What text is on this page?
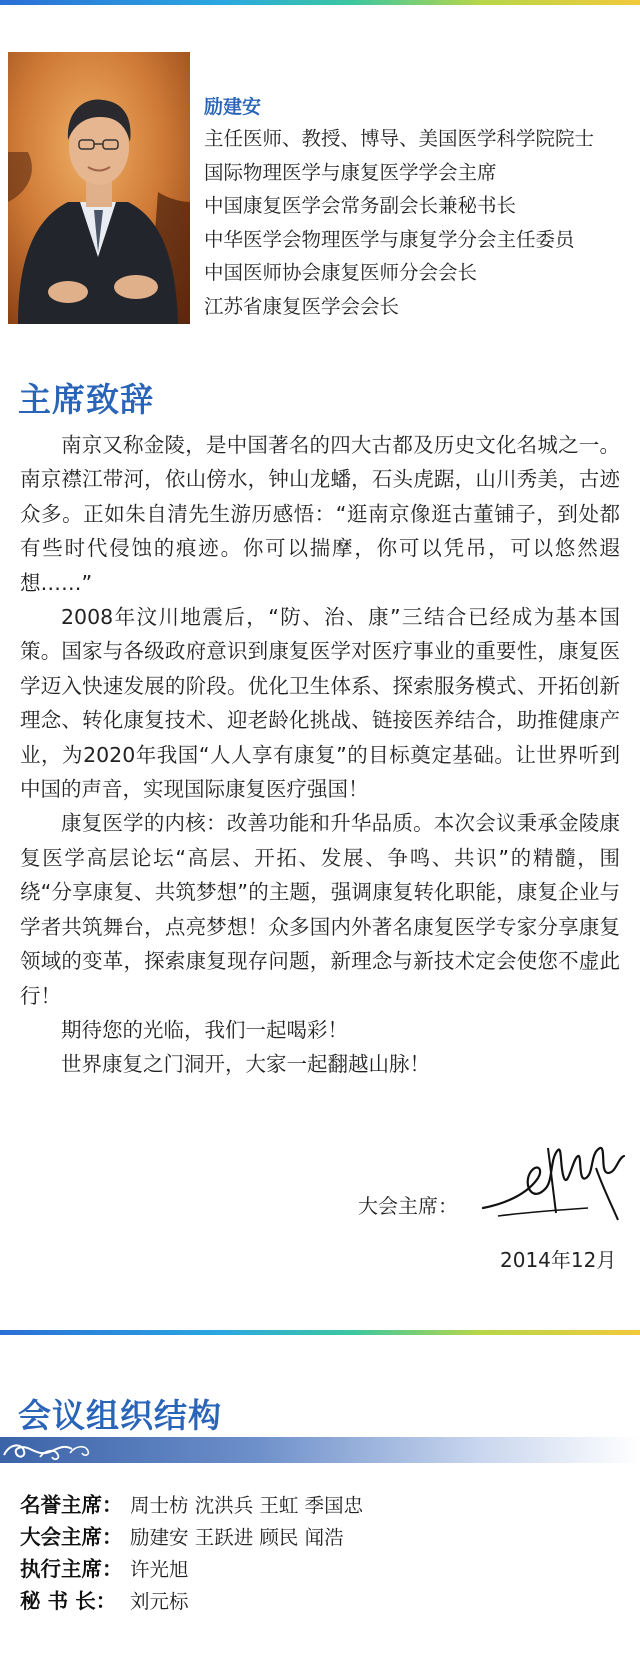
励建安
主任医师、教授、博导、美国医学科学院院士
国际物理医学与康复医学学会主席
中国康复医学会常务副会长兼秘书长
中华医学会物理医学与康复学分会主任委员
中国医师协会康复医师分会会长
江苏省康复医学会会长
主席致辞

南京又称金陵，是中国著名的四大古都及历史文化名城之一。南京襟江带河，依山傍水，钟山龙蟠，石头虎踞，山川秀美，古迹众多。正如朱自清先生游历感悟：“逛南京像逛古董铺子，到处都有些时代侵蚀的痕迹。你可以揣摩，你可以凭吊，可以悠然遐想……”

2008年汶川地震后，“防、治、康”三结合已经成为基本国策。国家与各级政府意识到康复医学对医疗事业的重要性，康复医学迈入快速发展的阶段。优化卫生体系、探索服务模式、开拓创新理念、转化康复技术、迎老龄化挑战、链接医养结合，助推健康产业，为2020年我国“人人享有康复”的目标奠定基础。让世界听到中国的声音，实现国际康复医疗强国！

康复医学的内核：改善功能和升华品质。本次会议秉承金陵康复医学高层论坛“高层、开拓、发展、争鸣、共识”的精髓，围绕“分享康复、共筑梦想”的主题，强调康复转化职能，康复企业与学者共筑舞台，点亮梦想！众多国内外著名康复医学专家分享康复领域的变革，探索康复现存问题，新理念与新技术定会使您不虚此行！

期待您的光临，我们一起喝彩！

世界康复之门洞开，大家一起翻越山脉！

大会主席：
2014年12月
会议组织结构
名誉主席： 周士枋 沈洪兵 王虹 季国忠
大会主席： 励建安 王跃进 顾民 闻浩
执行主席： 许光旭
秘 书 长： 刘元标
